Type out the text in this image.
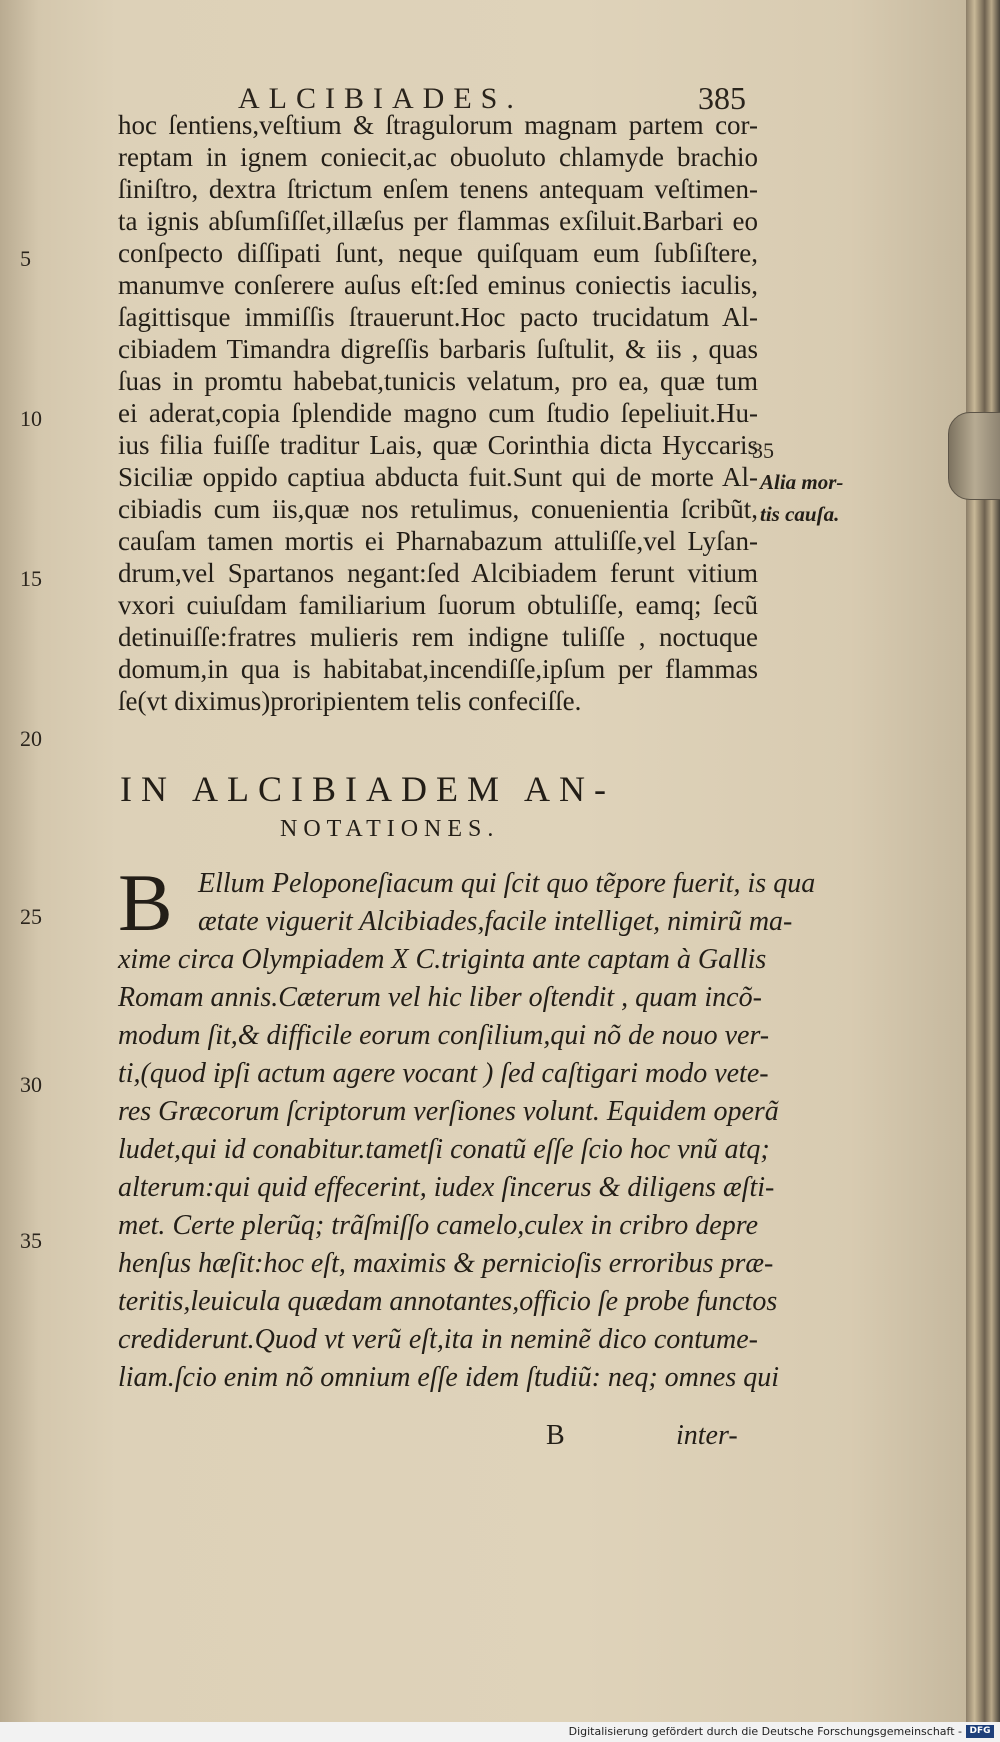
ALCIBIADES.	385
hoc ſentiens,veſtium & ſtragulorum magnam partem cor-
reptam in ignem coniecit,ac obuoluto chlamyde brachio
ſiniſtro, dextra ſtrictum enſem tenens antequam veſtimen-
ta ignis abſumſiſſet,illæſus per flammas exſiluit.Barbari eo
conſpecto diſſipati ſunt, neque quiſquam eum ſubſiſtere,
manumve conſerere auſus eſt:ſed eminus coniectis iaculis,
ſagittisque immiſſis ſtrauerunt.Hoc pacto trucidatum Al-
cibiadem Timandra digreſſis barbaris ſuſtulit, & iis , quas
ſuas in promtu habebat,tunicis velatum, pro ea, quæ tum
ei aderat,copia ſplendide magno cum ſtudio ſepeliuit.Hu-
ius filia fuiſſe traditur Lais, quæ Corinthia dicta Hyccaris
Siciliæ oppido captiua abducta fuit.Sunt qui de morte Al-
cibiadis cum iis,quæ nos retulimus, conuenientia ſcribũt,
cauſam tamen mortis ei Pharnabazum attuliſſe,vel Lyſan-
drum,vel Spartanos negant:ſed Alcibiadem ferunt vitium
vxori cuiuſdam familiarium ſuorum obtuliſſe, eamq; ſecũ
detinuiſſe:fratres mulieris rem indigne tuliſſe , noctuque
domum,in qua is habitabat,incendiſſe,ipſum per flammas
ſe(vt diximus)proripientem telis confeciſſe.
5
10
15
20
35
Alia mor-
tis cauſa.
IN ALCIBIADEM AN-
NOTATIONES.
B Ellum Peloponeſiacum qui ſcit quo tẽpore fuerit, is qua
ætate viguerit Alcibiades,facile intelliget, nimirũ ma-
xime circa Olympiadem X C.triginta ante captam à Gallis
Romam annis.Cæterum vel hic liber oſtendit , quam incõ-
modum ſit,& difficile eorum conſilium,qui nõ de nouo ver-
ti,(quod ipſi actum agere vocant ) ſed caſtigari modo vete-
res Græcorum ſcriptorum verſiones volunt. Equidem operã
ludet,qui id conabitur.tametſi conatũ eſſe ſcio hoc vnũ atq;
alterum:qui quid effecerint, iudex ſincerus & diligens æſti-
met. Certe plerũq; trãſmiſſo camelo,culex in cribro depre
henſus hæſit:hoc eſt, maximis & pernicioſis erroribus præ-
teritis,leuicula quædam annotantes,officio ſe probe functos
crediderunt.Quod vt verũ eſt,ita in neminẽ dico contume-
liam.ſcio enim nõ omnium eſſe idem ſtudiũ: neq; omnes qui
25
30
35
B	inter-
Digitalisierung gefördert durch die Deutsche Forschungsgemeinschaft - DFG
